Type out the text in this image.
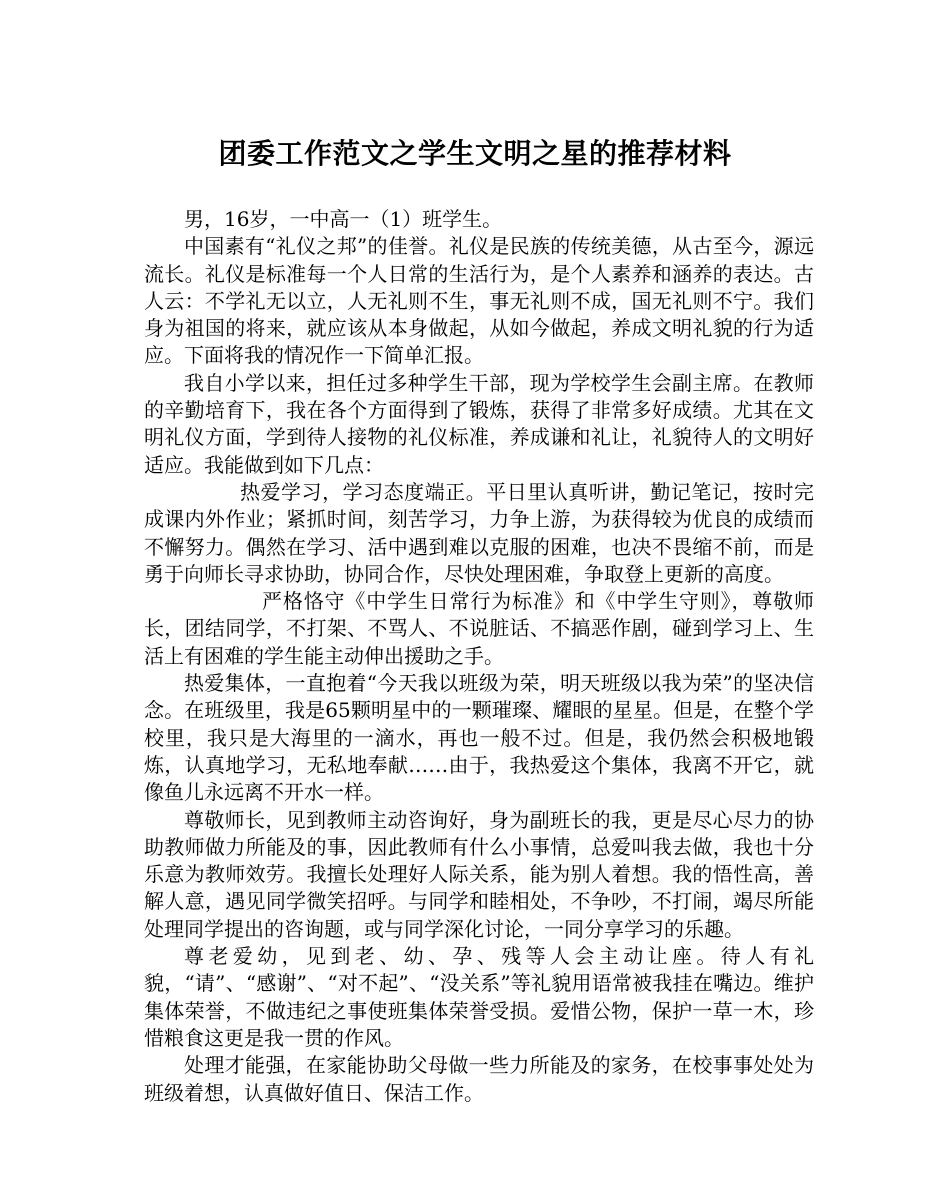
团委工作范文之学生文明之星的推荐材料

男，16岁，一中高一（1）班学生。

中国素有“礼仪之邦”的佳誉。礼仪是民族的传统美德，从古至今，源远流长。礼仪是标准每一个人日常的生活行为，是个人素养和涵养的表达。古人云：不学礼无以立，人无礼则不生，事无礼则不成，国无礼则不宁。我们身为祖国的将来，就应该从本身做起，从如今做起，养成文明礼貌的行为适应。下面将我的情况作一下简单汇报。

我自小学以来，担任过多种学生干部，现为学校学生会副主席。在教师的辛勤培育下，我在各个方面得到了锻炼，获得了非常多好成绩。尤其在文明礼仪方面，学到待人接物的礼仪标准，养成谦和礼让，礼貌待人的文明好适应。我能做到如下几点：

热爱学习，学习态度端正。平日里认真听讲，勤记笔记，按时完成课内外作业；紧抓时间，刻苦学习，力争上游，为获得较为优良的成绩而不懈努力。偶然在学习、活中遇到难以克服的困难，也决不畏缩不前，而是勇于向师长寻求协助，协同合作，尽快处理困难，争取登上更新的高度。

严格恪守《中学生日常行为标准》和《中学生守则》，尊敬师长，团结同学，不打架、不骂人、不说脏话、不搞恶作剧，碰到学习上、生活上有困难的学生能主动伸出援助之手。

热爱集体，一直抱着“今天我以班级为荣，明天班级以我为荣”的坚决信念。在班级里，我是65颗明星中的一颗璀璨、耀眼的星星。但是，在整个学校里，我只是大海里的一滴水，再也一般不过。但是，我仍然会积极地锻炼，认真地学习，无私地奉献……由于，我热爱这个集体，我离不开它，就像鱼儿永远离不开水一样。

尊敬师长，见到教师主动咨询好，身为副班长的我，更是尽心尽力的协助教师做力所能及的事，因此教师有什么小事情，总爱叫我去做，我也十分乐意为教师效劳。我擅长处理好人际关系，能为别人着想。我的悟性高，善解人意，遇见同学微笑招呼。与同学和睦相处，不争吵，不打闹，竭尽所能处理同学提出的咨询题，或与同学深化讨论，一同分享学习的乐趣。

尊老爱幼，见到老、幼、孕、残等人会主动让座。待人有礼貌，“请”、“感谢”、“对不起”、“没关系”等礼貌用语常被我挂在嘴边。维护集体荣誉，不做违纪之事使班集体荣誉受损。爱惜公物，保护一草一木，珍惜粮食这更是我一贯的作风。

处理才能强，在家能协助父母做一些力所能及的家务，在校事事处处为班级着想，认真做好值日、保洁工作。
